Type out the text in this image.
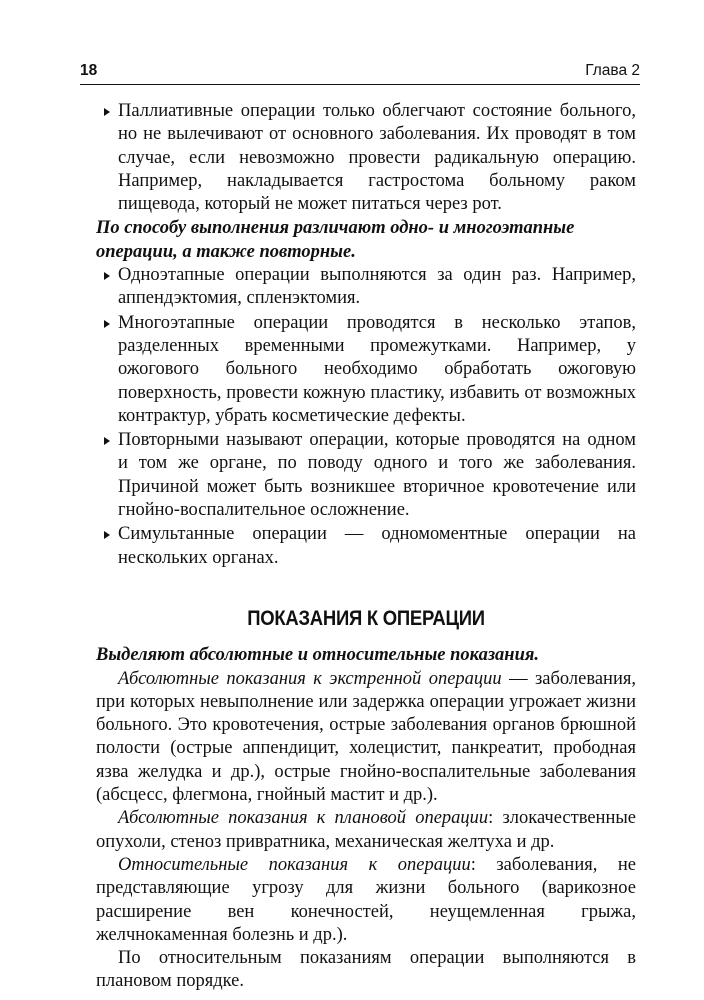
18	Глава 2
Паллиативные операции только облегчают состояние больного, но не вылечивают от основного заболевания. Их проводят в том случае, если невозможно провести радикальную операцию. Например, накладывается гастростома больному раком пищевода, который не может питаться через рот.

По способу выполнения различают одно- и многоэтапные операции, а также повторные.

Одноэтапные операции выполняются за один раз. Например, аппендэктомия, спленэктомия.
Многоэтапные операции проводятся в несколько этапов, разделенных временными промежутками. Например, у ожогового больного необходимо обработать ожоговую поверхность, провести кожную пластику, избавить от возможных контрактур, убрать косметические дефекты.
Повторными называют операции, которые проводятся на одном и том же органе, по поводу одного и того же заболевания. Причиной может быть возникшее вторичное кровотечение или гнойно-воспалительное осложнение.
Симультанные операции — одномоментные операции на нескольких органах.
ПОКАЗАНИЯ К ОПЕРАЦИИ

Выделяют абсолютные и относительные показания.

Абсолютные показания к экстренной операции — заболевания, при которых невыполнение или задержка операции угрожает жизни больного. Это кровотечения, острые заболевания органов брюшной полости (острые аппендицит, холецистит, панкреатит, прободная язва желудка и др.), острые гнойно-воспалительные заболевания (абсцесс, флегмона, гнойный мастит и др.).

Абсолютные показания к плановой операции: злокачественные опухоли, стеноз привратника, механическая желтуха и др.

Относительные показания к операции: заболевания, не представляющие угрозу для жизни больного (варикозное расширение вен конечностей, неущемленная грыжа, желчнокаменная болезнь и др.).

По относительным показаниям операции выполняются в плановом порядке.
